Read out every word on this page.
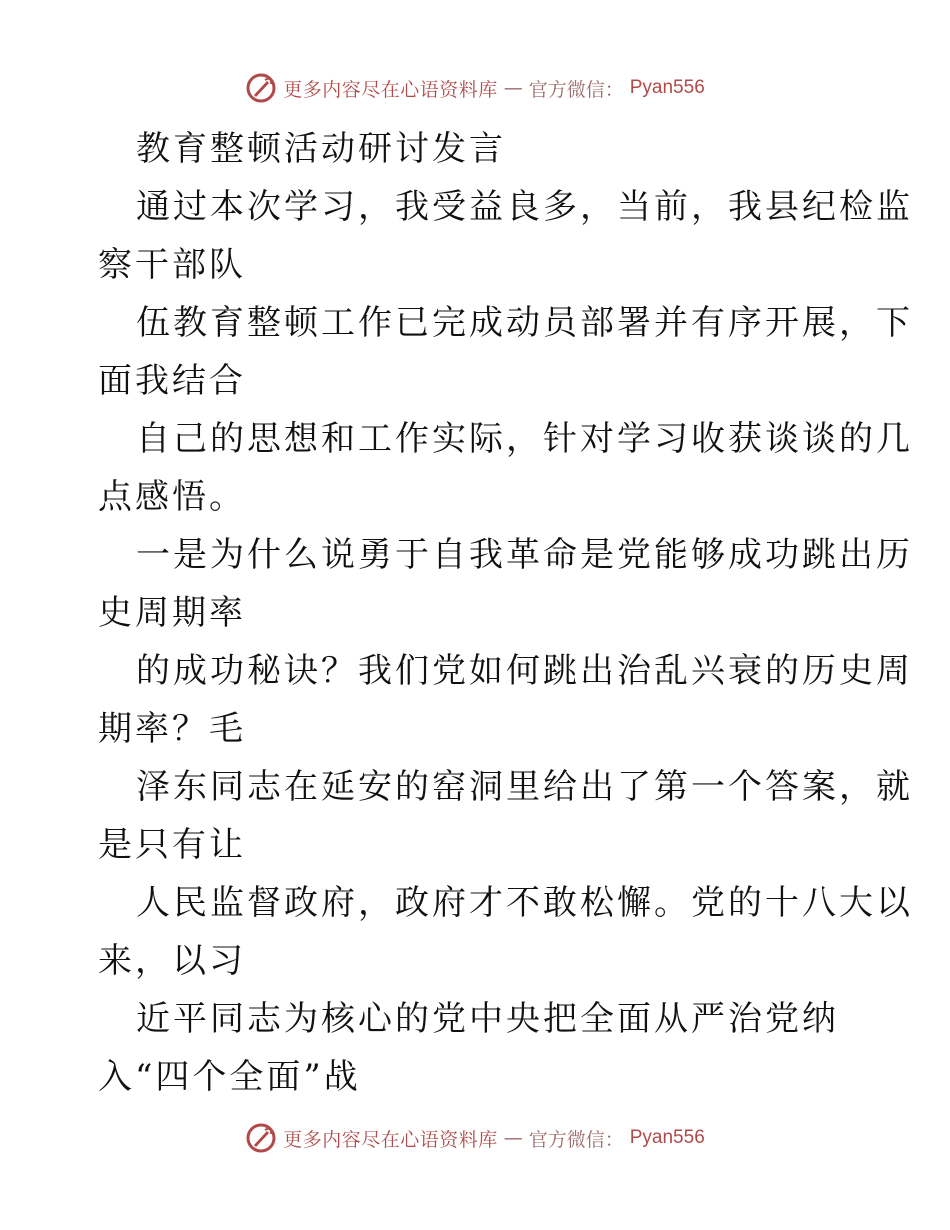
更多内容尽在心语资料库 — 官方微信： Pyan556
教育整顿活动研讨发言
通过本次学习，我受益良多，当前，我县纪检监
察干部队
伍教育整顿工作已完成动员部署并有序开展，下
面我结合
自己的思想和工作实际，针对学习收获谈谈的几
点感悟。
一是为什么说勇于自我革命是党能够成功跳出历
史周期率
的成功秘诀？我们党如何跳出治乱兴衰的历史周
期率？毛
泽东同志在延安的窑洞里给出了第一个答案，就
是只有让
人民监督政府，政府才不敢松懈。党的十八大以
来，以习
近平同志为核心的党中央把全面从严治党纳
入“四个全面”战
更多内容尽在心语资料库 — 官方微信： Pyan556
